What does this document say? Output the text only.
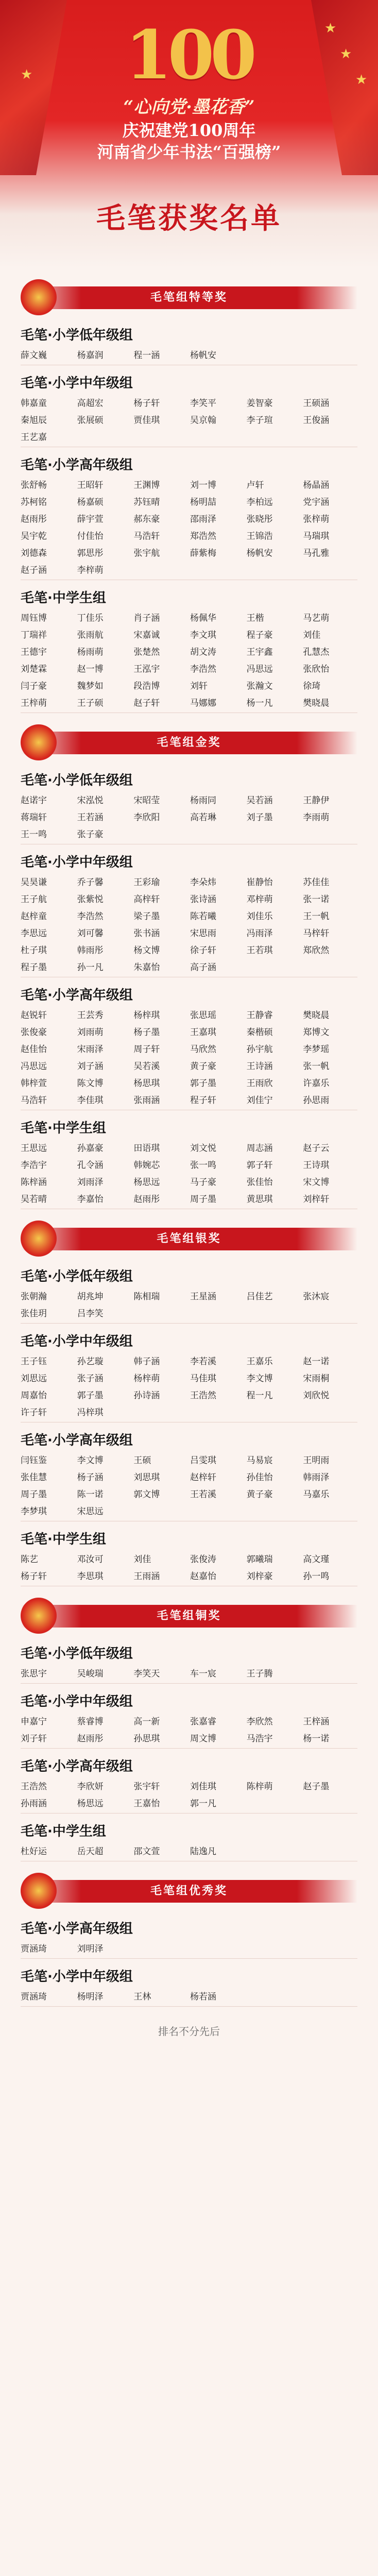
★
★
★
★	100
“心向党·墨花香”
庆祝建党100周年
河南省少年书法“百强榜”
毛笔获奖名单
毛笔组特等奖
毛笔·小学低年级组
薛文巍	杨嘉润	程一涵	杨帆安
毛笔·小学中年级组
韩嘉童	高超宏	杨子轩	李笑平	姜智豪	王硕涵
秦旭辰	张展硕	贾佳琪	吴京翰	李子瑄	王俊涵
王艺嘉
毛笔·小学高年级组
张舒畅	王昭轩	王渊博	刘一博	卢轩	杨晶涵
苏柯铭	杨嘉硕	苏钰晴	杨明喆	李柏远	党宇涵
赵雨彤	薛宇萱	郝东豪	邵雨泽	张晓彤	张梓萌
吴宇乾	付佳怡	马浩轩	郑浩然	王锦浩	马瑞琪
刘德森	郭思彤	张宇航	薛紫梅	杨帆安	马孔雅
赵子涵	李梓萌
毛笔·中学生组
周钰博	丁佳乐	肖子涵	杨佩华	王楷	马艺萌
丁瑞祥	张雨航	宋嘉诚	李文琪	程子豪	刘佳
王德宇	杨雨萌	张楚然	胡文涛	王宇鑫	孔慧杰
刘楚霖	赵一博	王泓宇	李浩然	冯思远	张欣怡
闫子豪	魏梦如	段浩博	刘轩	张瀚文	徐琦
王梓萌	王子硕	赵子轩	马娜娜	杨一凡	樊晓晨
毛笔组金奖
毛笔·小学低年级组
赵诺宇	宋泓悦	宋昭莹	杨雨同	吴若涵	王静伊
蒋瑞轩	王若涵	李欣阳	高若琳	刘子墨	李雨萌
王一鸣	张子豪
毛笔·小学中年级组
吴昊谦	乔子馨	王彩瑜	李朵炜	崔静怡	苏佳佳
王子航	张紫悦	高梓轩	张诗涵	邓梓萌	张一诺
赵梓童	李浩然	梁子墨	陈若曦	刘佳乐	王一帆
李思远	刘可馨	张书涵	宋思雨	冯雨泽	马梓轩
杜子琪	韩雨彤	杨文博	徐子轩	王若琪	郑欣然
程子墨	孙一凡	朱嘉怡	高子涵
毛笔·小学高年级组
赵锐轩	王芸秀	杨梓琪	张思瑶	王静睿	樊晓晨
张俊豪	刘雨萌	杨子墨	王嘉琪	秦楷硕	郑博文
赵佳怡	宋雨泽	周子轩	马欣然	孙宇航	李梦瑶
冯思远	刘子涵	吴若溪	黄子豪	王诗涵	张一帆
韩梓萱	陈文博	杨思琪	郭子墨	王雨欣	许嘉乐
马浩轩	李佳琪	张雨涵	程子轩	刘佳宁	孙思雨
毛笔·中学生组
王思远	孙嘉豪	田语琪	刘文悦	周志涵	赵子云
李浩宇	孔令涵	韩婉芯	张一鸣	郭子轩	王诗琪
陈梓涵	刘雨泽	杨思远	马子豪	张佳怡	宋文博
吴若晴	李嘉怡	赵雨彤	周子墨	黄思琪	刘梓轩
毛笔组银奖
毛笔·小学低年级组
张朝瀚	胡兆坤	陈相瑞	王星涵	吕佳艺	张沐宸
张佳玥	吕李笑
毛笔·小学中年级组
王子钰	孙艺璇	韩子涵	李若溪	王嘉乐	赵一诺
刘思远	张子涵	杨梓萌	马佳琪	李文博	宋雨桐
周嘉怡	郭子墨	孙诗涵	王浩然	程一凡	刘欣悦
许子轩	冯梓琪
毛笔·小学高年级组
闫钰鉴	李文博	王硕	吕雯琪	马易宸	王明雨
张佳慧	杨子涵	刘思琪	赵梓轩	孙佳怡	韩雨泽
周子墨	陈一诺	郭文博	王若溪	黄子豪	马嘉乐
李梦琪	宋思远
毛笔·中学生组
陈艺	邓汝可	刘佳	张俊涛	郭曦瑞	高文瑾
杨子轩	李思琪	王雨涵	赵嘉怡	刘梓豪	孙一鸣
毛笔组铜奖
毛笔·小学低年级组
张思宇	吴峻瑞	李笑天	车一宸	王子腾
毛笔·小学中年级组
申嘉宁	蔡睿博	高一新	张嘉睿	李欣然	王梓涵
刘子轩	赵雨彤	孙思琪	周文博	马浩宇	杨一诺
毛笔·小学高年级组
王浩然	李欣妍	张宇轩	刘佳琪	陈梓萌	赵子墨
孙雨涵	杨思远	王嘉怡	郭一凡
毛笔·中学生组
杜好运	岳天超	邵文萱	陆逸凡
毛笔组优秀奖
毛笔·小学高年级组
贾涵琦	刘明泽
毛笔·小学中年级组
贾涵琦	杨明泽	王林	杨若涵
排名不分先后
